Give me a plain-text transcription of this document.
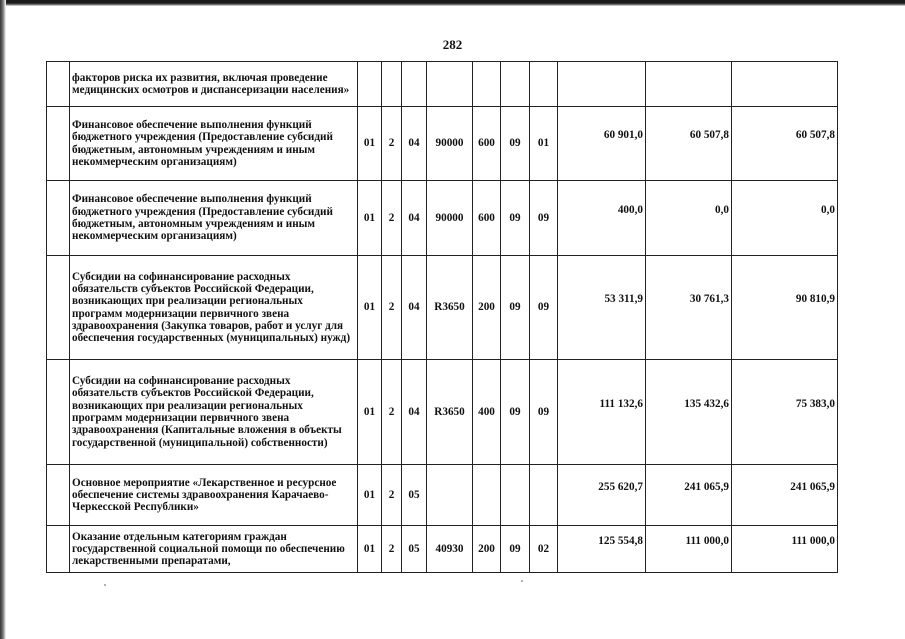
282
	факторов риска их развития, включая проведение медицинских осмотров и диспансеризации населения»										
	Финансовое обеспечение выполнения функций бюджетного учреждения (Предоставление субсидий бюджетным, автономным учреждениям и иным некоммерческим организациям)	01	2	04	90000	600	09	01	60 901,0	60 507,8	60 507,8
	Финансовое обеспечение выполнения функций бюджетного учреждения (Предоставление субсидий бюджетным, автономным учреждениям и иным некоммерческим организациям)	01	2	04	90000	600	09	09	400,0	0,0	0,0
	Субсидии на софинансирование расходных обязательств субъектов Российской Федерации, возникающих при реализации региональных программ модернизации первичного звена здравоохранения (Закупка товаров, работ и услуг для обеспечения государственных (муниципальных) нужд)	01	2	04	R3650	200	09	09	53 311,9	30 761,3	90 810,9
	Субсидии на софинансирование расходных обязательств субъектов Российской Федерации, возникающих при реализации региональных программ модернизации первичного звена здравоохранения (Капитальные вложения в объекты государственной (муниципальной) собственности)	01	2	04	R3650	400	09	09	111 132,6	135 432,6	75 383,0
	Основное мероприятие «Лекарственное и ресурсное обеспечение системы здравоохранения Карачаево-Черкесской Республики»	01	2	05					255 620,7	241 065,9	241 065,9
	Оказание отдельным категориям граждан государственной социальной помощи по обеспечению лекарственными препаратами,	01	2	05	40930	200	09	02	125 554,8	111 000,0	111 000,0
